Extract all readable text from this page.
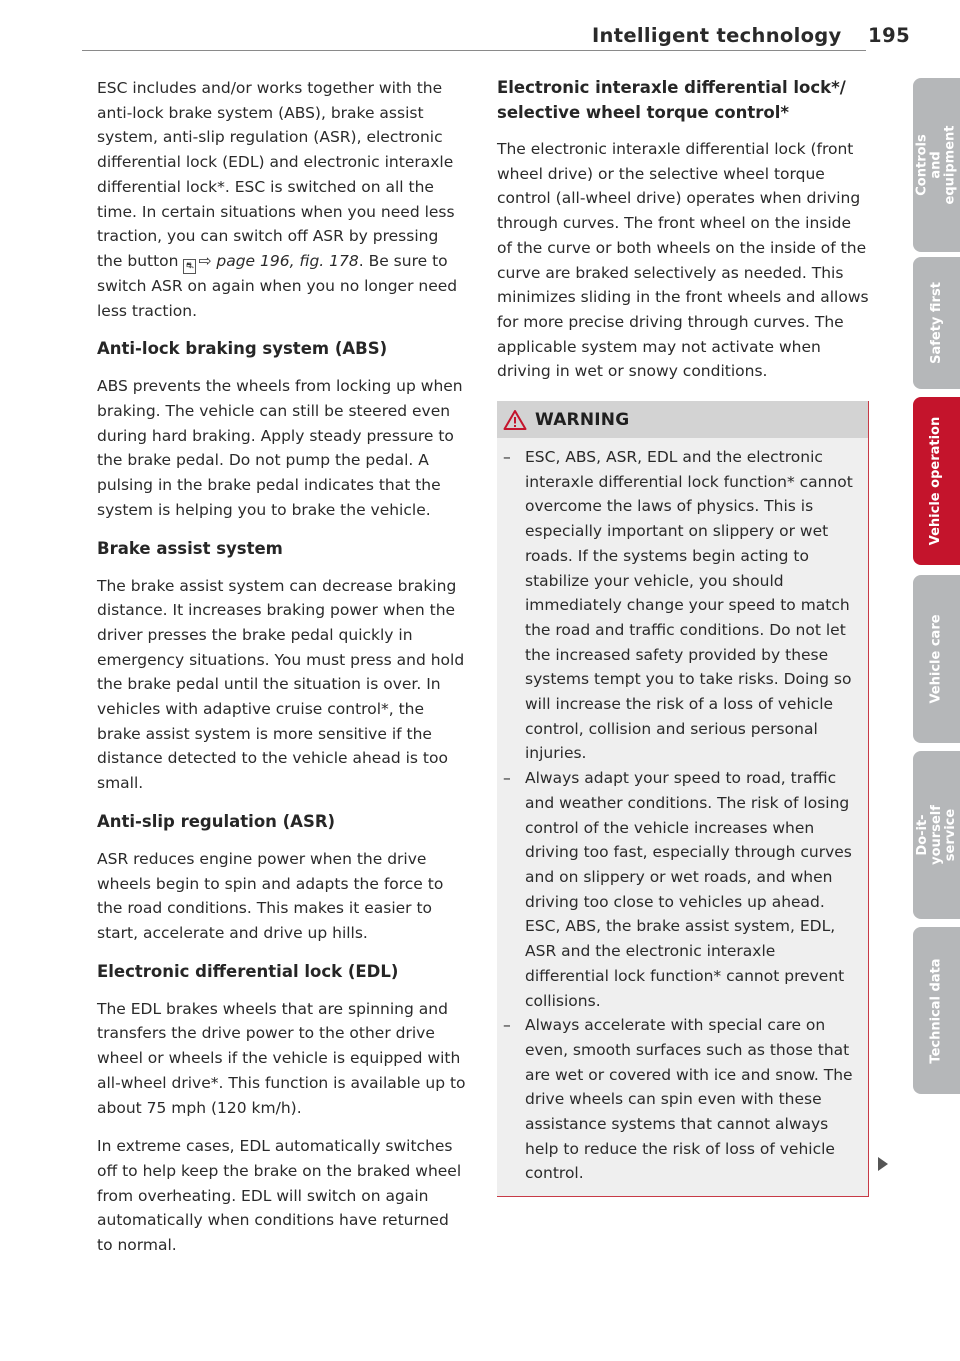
Intelligent technology 195

ESC includes and/or works together with the anti-lock brake system (ABS), brake assist system, anti-slip regulation (ASR), electronic differential lock (EDL) and electronic interaxle differential lock*. ESC is switched on all the time. In certain situations when you need less traction, you can switch off ASR by pressing the button ⛐ ⇨ page 196, fig. 178. Be sure to switch ASR on again when you no longer need less traction.

Anti-lock braking system (ABS)

ABS prevents the wheels from locking up when braking. The vehicle can still be steered even during hard braking. Apply steady pressure to the brake pedal. Do not pump the pedal. A pulsing in the brake pedal indicates that the system is helping you to brake the vehicle.

Brake assist system

The brake assist system can decrease braking distance. It increases braking power when the driver presses the brake pedal quickly in emergency situations. You must press and hold the brake pedal until the situation is over. In vehicles with adaptive cruise control*, the brake assist system is more sensitive if the distance detected to the vehicle ahead is too small.

Anti-slip regulation (ASR)

ASR reduces engine power when the drive wheels begin to spin and adapts the force to the road conditions. This makes it easier to start, accelerate and drive up hills.

Electronic differential lock (EDL)

The EDL brakes wheels that are spinning and transfers the drive power to the other drive wheel or wheels if the vehicle is equipped with all-wheel drive*. This function is available up to about 75 mph (120 km/h).

In extreme cases, EDL automatically switches off to help keep the brake on the braked wheel from overheating. EDL will switch on again automatically when conditions have returned to normal.

Electronic interaxle differential lock*/ selective wheel torque control*

The electronic interaxle differential lock (front wheel drive) or the selective wheel torque control (all-wheel drive) operates when driving through curves. The front wheel on the inside of the curve or both wheels on the inside of the curve are braked selectively as needed. This minimizes sliding in the front wheels and allows for more precise driving through curves. The applicable system may not activate when driving in wet or snowy conditions.

WARNING
– ESC, ABS, ASR, EDL and the electronic interaxle differential lock function* cannot overcome the laws of physics. This is especially important on slippery or wet roads. If the systems begin acting to stabilize your vehicle, you should immediately change your speed to match the road and traffic conditions. Do not let the increased safety provided by these systems tempt you to take risks. Doing so will increase the risk of a loss of vehicle control, collision and serious personal injuries.
– Always adapt your speed to road, traffic and weather conditions. The risk of losing control of the vehicle increases when driving too fast, especially through curves and on slippery or wet roads, and when driving too close to vehicles up ahead. ESC, ABS, the brake assist system, EDL, ASR and the electronic interaxle differential lock function* cannot prevent collisions.
– Always accelerate with special care on even, smooth surfaces such as those that are wet or covered with ice and snow. The drive wheels can spin even with these assistance systems that cannot always help to reduce the risk of loss of vehicle control.
Controls and equipment
Safety first
Vehicle operation
Vehicle care
Do-it-yourself service
Technical data
